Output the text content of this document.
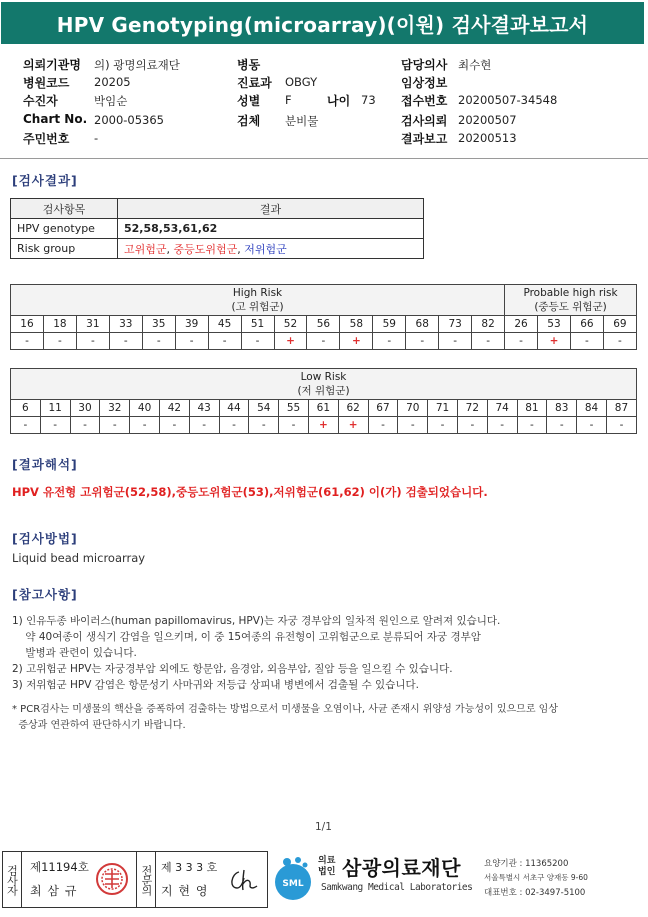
HPV Genotyping(microarray)(이원) 검사결과보고서
의뢰기관명 의) 광명의료재단
병원코드 20205
수진자	박임순
Chart No. 2000-05365
주민번호 -
병동
진료과 OBGY
성별 F	나이 73
검체 분비물
담당의사 최수현
임상정보
접수번호 20200507-34548
검사의뢰 20200507
결과보고 20200513
[검사결과]
검사항목	결과
HPV genotype	52,58,53,61,62
Risk group	고위험군, 중등도위험군, 저위험군
High Risk
(고 위험군)															Probable high risk
(중등도 위험군)			
16	18	31	33	35	39	45	51	52	56	58	59	68	73	82	26	53	66	69
-	-	-	-	-	-	-	-	+	-	+	-	-	-	-	-	+	-	-
Low Risk
(저 위험군)																				
6	11	30	32	40	42	43	44	54	55	61	62	67	70	71	72	74	81	83	84	87
-	-	-	-	-	-	-	-	-	-	+	+	-	-	-	-	-	-	-	-	-
[결과해석]
HPV 유전형 고위험군(52,58),중등도위험군(53),저위험군(61,62) 이(가) 검출되었습니다.
[검사방법]
Liquid bead microarray
[참고사항]
1) 인유두종 바이러스(human papillomavirus, HPV)는 자궁 경부암의 일차적 원인으로 알려져 있습니다.
약 40여종이 생식기 감염을 일으키며, 이 중 15여종의 유전형이 고위험군으로 분류되어 자궁 경부암
발병과 관련이 있습니다.
2) 고위험군 HPV는 자궁경부암 외에도 항문암, 음경암, 외음부암, 질암 등을 일으킬 수 있습니다.
3) 저위험군 HPV 감염은 항문성기 사마귀와 저등급 상피내 병변에서 검출될 수 있습니다.
* PCR검사는 미생물의 핵산을 증폭하여 검출하는 방법으로서 미생물을 오염이나, 사균 존재시 위양성 가능성이 있으므로 임상
증상과 연관하여 판단하시기 바랍니다.
1/1
검사자 제11194호
최 삼 규	전문의 제 3 3 3 호
지 현 영	SML
의료법인 삼광의료재단
Samkwang Medical Laboratories
요양기관 : 11365200
서울특별시 서초구 양재동 9-60
대표번호 : 02-3497-5100
